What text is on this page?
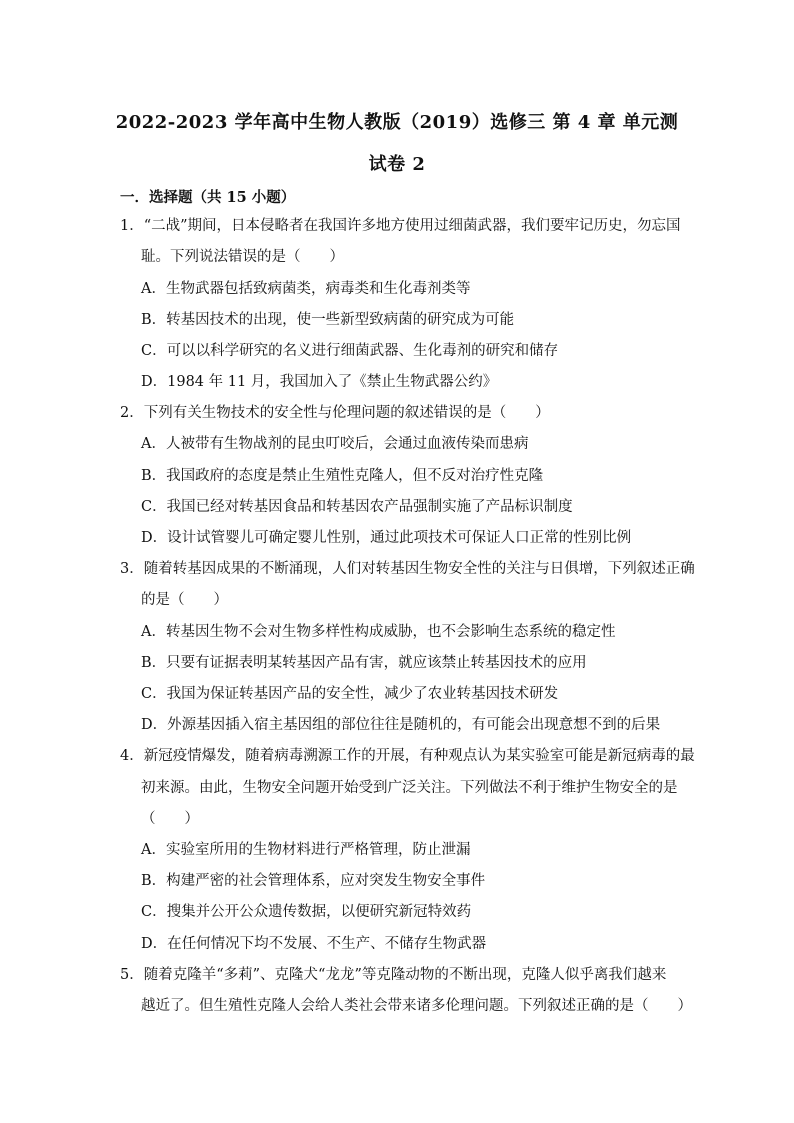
2022-2023 学年高中生物人教版（2019）选修三 第 4 章 单元测
试卷 2
一．选择题（共 15 小题）
1．“二战”期间，日本侵略者在我国许多地方使用过细菌武器，我们要牢记历史，勿忘国
耻。下列说法错误的是（　　）
A．生物武器包括致病菌类，病毒类和生化毒剂类等
B．转基因技术的出现，使一些新型致病菌的研究成为可能
C．可以以科学研究的名义进行细菌武器、生化毒剂的研究和储存
D．1984 年 11 月，我国加入了《禁止生物武器公约》
2．下列有关生物技术的安全性与伦理问题的叙述错误的是（　　）
A．人被带有生物战剂的昆虫叮咬后，会通过血液传染而患病
B．我国政府的态度是禁止生殖性克隆人，但不反对治疗性克隆
C．我国已经对转基因食品和转基因农产品强制实施了产品标识制度
D．设计试管婴儿可确定婴儿性别，通过此项技术可保证人口正常的性别比例
3．随着转基因成果的不断涌现，人们对转基因生物安全性的关注与日俱增，下列叙述正确
的是（　　）
A．转基因生物不会对生物多样性构成威胁，也不会影响生态系统的稳定性
B．只要有证据表明某转基因产品有害，就应该禁止转基因技术的应用
C．我国为保证转基因产品的安全性，减少了农业转基因技术研发
D．外源基因插入宿主基因组的部位往往是随机的，有可能会出现意想不到的后果
4．新冠疫情爆发，随着病毒溯源工作的开展，有种观点认为某实验室可能是新冠病毒的最
初来源。由此，生物安全问题开始受到广泛关注。下列做法不利于维护生物安全的是
（　　）
A．实验室所用的生物材料进行严格管理，防止泄漏
B．构建严密的社会管理体系，应对突发生物安全事件
C．搜集并公开公众遗传数据，以便研究新冠特效药
D．在任何情况下均不发展、不生产、不储存生物武器
5．随着克隆羊“多莉”、克隆犬“龙龙”等克隆动物的不断出现，克隆人似乎离我们越来
越近了。但生殖性克隆人会给人类社会带来诸多伦理问题。下列叙述正确的是（　　）
